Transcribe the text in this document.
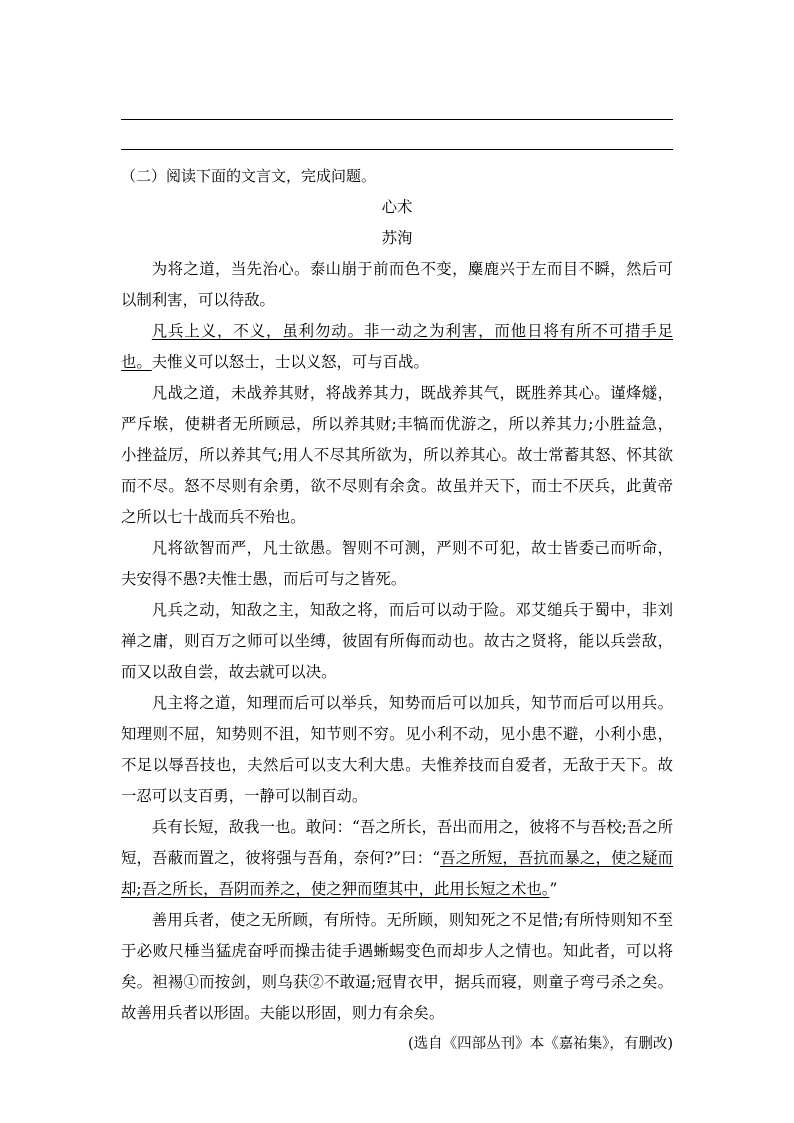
（二）阅读下面的文言文，完成问题。

心术

苏洵

为将之道，当先治心。泰山崩于前而色不变，麋鹿兴于左而目不瞬，然后可以制利害，可以待敌。

凡兵上义，不义，虽利勿动。非一动之为利害，而他日将有所不可措手足也。夫惟义可以怒士，士以义怒，可与百战。

凡战之道，未战养其财，将战养其力，既战养其气，既胜养其心。谨烽燧，严斥堠，使耕者无所顾忌，所以养其财;丰犒而优游之，所以养其力;小胜益急， 小挫益厉，所以养其气;用人不尽其所欲为，所以养其心。故士常蓄其怒、怀其欲而不尽。怒不尽则有余勇，欲不尽则有余贪。故虽并天下，而士不厌兵，此黄帝之所以七十战而兵不殆也。

凡将欲智而严，凡士欲愚。智则不可测，严则不可犯，故士皆委己而听命，夫安得不愚?夫惟士愚，而后可与之皆死。

凡兵之动，知敌之主，知敌之将，而后可以动于险。邓艾缒兵于蜀中，非刘禅之庸，则百万之师可以坐缚，彼固有所侮而动也。故古之贤将，能以兵尝敌，而又以敌自尝，故去就可以决。

凡主将之道，知理而后可以举兵，知势而后可以加兵，知节而后可以用兵。知理则不屈，知势则不沮，知节则不穷。见小利不动，见小患不避，小利小患，不足以辱吾技也，夫然后可以支大利大患。夫惟养技而自爱者，无敌于天下。故一忍可以支百勇，一静可以制百动。

兵有长短，敌我一也。敢问：“吾之所长，吾出而用之，彼将不与吾校;吾之所短，吾蔽而置之，彼将强与吾角，奈何?”曰：“吾之所短，吾抗而暴之，使之疑而却;吾之所长，吾阴而养之，使之狎而堕其中，此用长短之术也。”

善用兵者，使之无所顾，有所恃。无所顾，则知死之不足惜;有所恃则知不至于必败尺棰当猛虎奋呼而操击徒手遇蜥蜴变色而却步人之情也。知此者，可以将矣。袒裼①而按剑，则乌获②不敢逼;冠胄衣甲，据兵而寝，则童子弯弓杀之矣。故善用兵者以形固。夫能以形固，则力有余矣。

(选自《四部丛刊》本《嘉祐集》，有删改)
